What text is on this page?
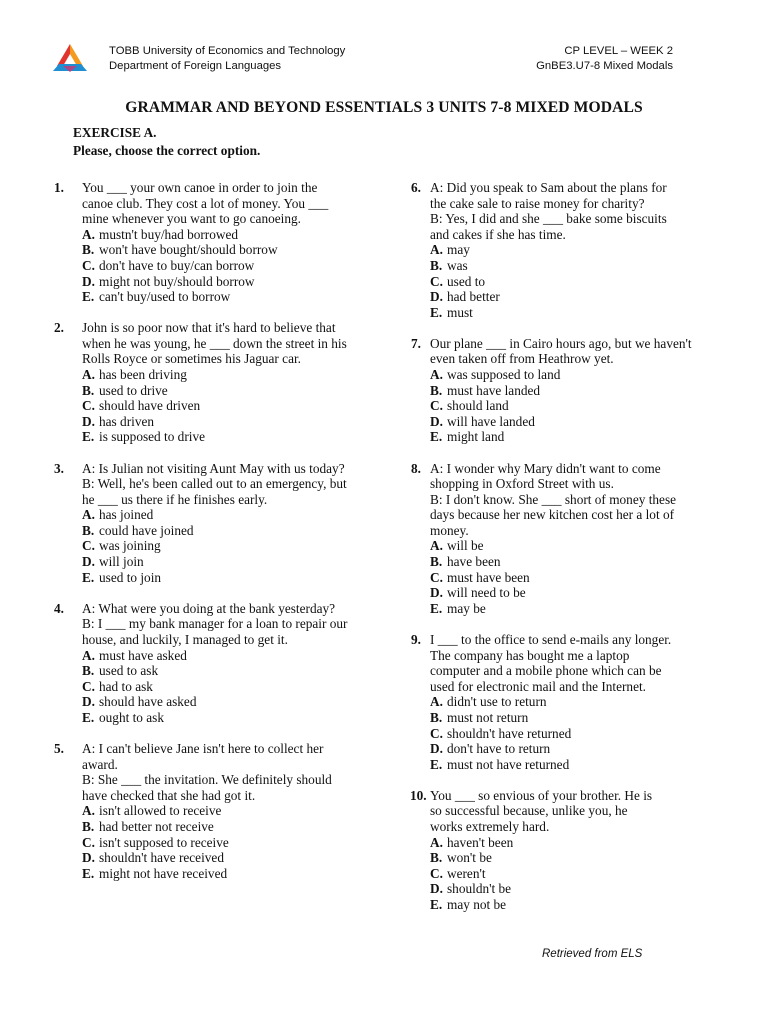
TOBB University of Economics and Technology
Department of Foreign Languages
CP LEVEL – WEEK 2
GnBE3.U7-8 Mixed Modals
GRAMMAR AND BEYOND ESSENTIALS 3 UNITS 7-8 MIXED MODALS
EXERCISE A.
Please, choose the correct option.
1. You ___ your own canoe in order to join the
canoe club. They cost a lot of money. You ___
mine whenever you want to go canoeing.
A. mustn't buy/had borrowed
B. won't have bought/should borrow
C. don't have to buy/can borrow
D. might not buy/should borrow
E. can't buy/used to borrow
2. John is so poor now that it's hard to believe that
when he was young, he ___ down the street in his
Rolls Royce or sometimes his Jaguar car.
A. has been driving
B. used to drive
C. should have driven
D. has driven
E. is supposed to drive
3. A: Is Julian not visiting Aunt May with us today?
B: Well, he's been called out to an emergency, but
he ___ us there if he finishes early.
A. has joined
B. could have joined
C. was joining
D. will join
E. used to join
4. A: What were you doing at the bank yesterday?
B: I ___ my bank manager for a loan to repair our
house, and luckily, I managed to get it.
A. must have asked
B. used to ask
C. had to ask
D. should have asked
E. ought to ask
5. A: I can't believe Jane isn't here to collect her
award.
B: She ___ the invitation. We definitely should
have checked that she had got it.
A. isn't allowed to receive
B. had better not receive
C. isn't supposed to receive
D. shouldn't have received
E. might not have received
6. A: Did you speak to Sam about the plans for
the cake sale to raise money for charity?
B: Yes, I did and she ___ bake some biscuits
and cakes if she has time.
A. may
B. was
C. used to
D. had better
E. must
7. Our plane ___ in Cairo hours ago, but we haven't
even taken off from Heathrow yet.
A. was supposed to land
B. must have landed
C. should land
D. will have landed
E. might land
8. A: I wonder why Mary didn't want to come
shopping in Oxford Street with us.
B: I don't know. She ___ short of money these
days because her new kitchen cost her a lot of
money.
A. will be
B. have been
C. must have been
D. will need to be
E. may be
9. I ___ to the office to send e-mails any longer.
The company has bought me a laptop
computer and a mobile phone which can be
used for electronic mail and the Internet.
A. didn't use to return
B. must not return
C. shouldn't have returned
D. don't have to return
E. must not have returned
10. You ___ so envious of your brother. He is
so successful because, unlike you, he
works extremely hard.
A. haven't been
B. won't be
C. weren't
D. shouldn't be
E. may not be
Retrieved from ELS
